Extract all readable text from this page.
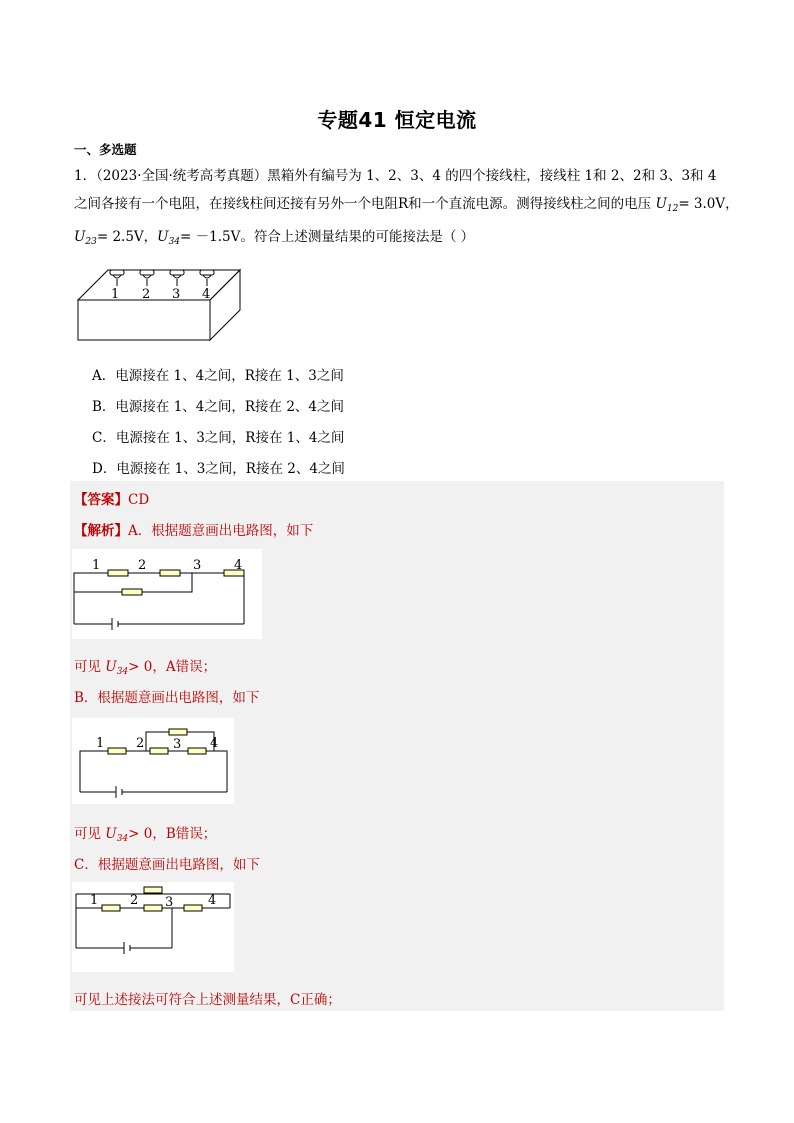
专题41 恒定电流
一、多选题
1．（2023·全国·统考高考真题）黑箱外有编号为 1、2、3、4 的四个接线柱，接线柱 1和 2、2和 3、3和 4
之间各接有一个电阻，在接线柱间还接有另外一个电阻R和一个直流电源。测得接线柱之间的电压 $U_{12}= 3.0V$，
$U_{23}= 2.5V$，$U_{34}= -1.5V$。符合上述测量结果的可能接法是（ ）
1 2 3 4
A．电源接在 1、4之间，R接在 1、3之间
B．电源接在 1、4之间，R接在 2、4之间
C．电源接在 1、3之间，R接在 1、4之间
D．电源接在 1、3之间，R接在 2、4之间
【答案】CD
【解析】A．根据题意画出电路图，如下
1	2	3	4
可见 $U_{34}> 0$，A错误；
B．根据题意画出电路图，如下
1 2 3 4
可见 $U_{34}> 0$，B错误；
C．根据题意画出电路图，如下
1 2 3	4
可见上述接法可符合上述测量结果，C正确；
